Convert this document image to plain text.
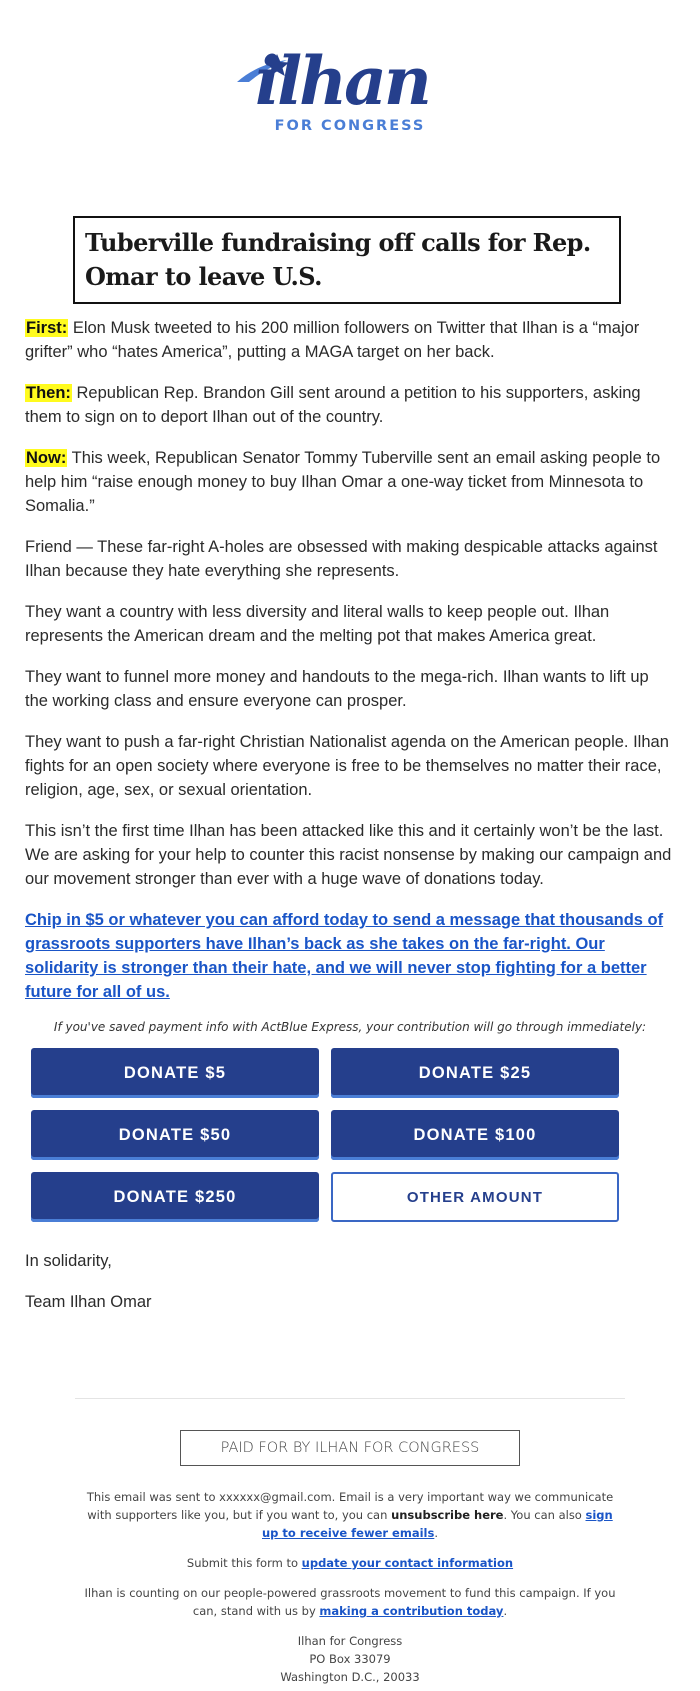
ilhan
FOR CONGRESS
Tuberville fundraising off calls for Rep. Omar to leave U.S.

First: Elon Musk tweeted to his 200 million followers on Twitter that Ilhan is a “major grifter” who “hates America”, putting a MAGA target on her back.

Then: Republican Rep. Brandon Gill sent around a petition to his supporters, asking them to sign on to deport Ilhan out of the country.

Now: This week, Republican Senator Tommy Tuberville sent an email asking people to help him “raise enough money to buy Ilhan Omar a one-way ticket from Minnesota to Somalia.”

Friend — These far-right A-holes are obsessed with making despicable attacks against Ilhan because they hate everything she represents.

They want a country with less diversity and literal walls to keep people out. Ilhan represents the American dream and the melting pot that makes America great.

They want to funnel more money and handouts to the mega-rich. Ilhan wants to lift up the working class and ensure everyone can prosper.

They want to push a far-right Christian Nationalist agenda on the American people. Ilhan fights for an open society where everyone is free to be themselves no matter their race, religion, age, sex, or sexual orientation.

This isn’t the first time Ilhan has been attacked like this and it certainly won’t be the last. We are asking for your help to counter this racist nonsense by making our campaign and our movement stronger than ever with a huge wave of donations today.

Chip in $5 or whatever you can afford today to send a message that thousands of grassroots supporters have Ilhan’s back as she takes on the far-right. Our solidarity is stronger than their hate, and we will never stop fighting for a better future for all of us.

If you've saved payment info with ActBlue Express, your contribution will go through immediately:

DONATE $5	DONATE $25
DONATE $50	DONATE $100
DONATE $250	OTHER AMOUNT

In solidarity,

Team Ilhan Omar

PAID FOR BY ILHAN FOR CONGRESS

This email was sent to xxxxxx@gmail.com. Email is a very important way we communicate with supporters like you, but if you want to, you can unsubscribe here. You can also sign up to receive fewer emails.

Submit this form to update your contact information

Ilhan is counting on our people-powered grassroots movement to fund this campaign. If you can, stand with us by making a contribution today.

Ilhan for Congress
PO Box 33079
Washington D.C., 20033
